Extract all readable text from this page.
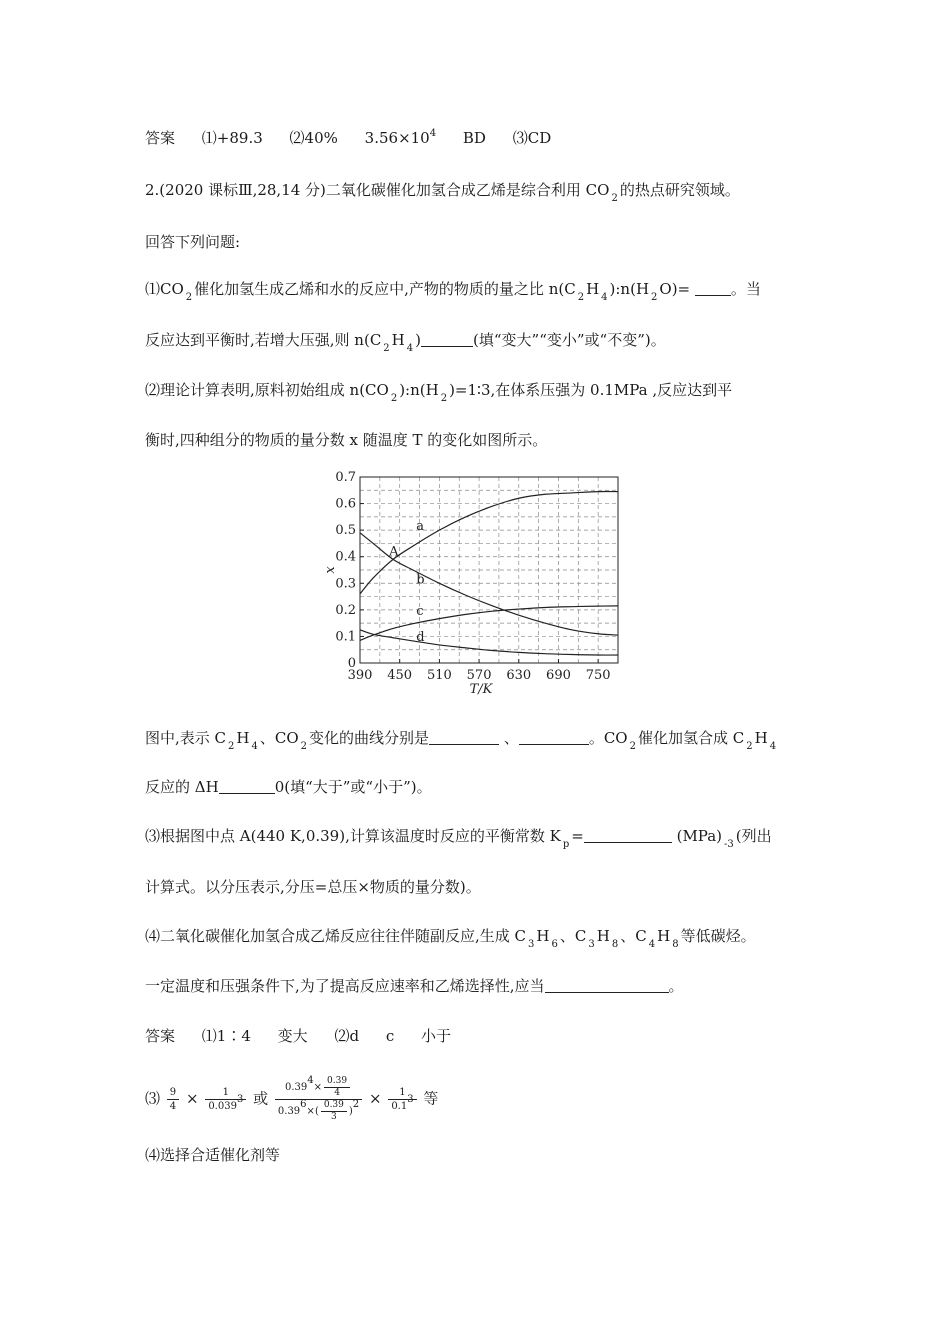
答案 ⑴+89.3 ⑵40% $3.56\times 10^4$ BD ⑶CD
2.(2020 课标Ⅲ,28,14 分)二氧化碳催化加氢合成乙烯是综合利用 CO $_2$ 的热点研究领域。
回答下列问题:
⑴CO $_2$ 催化加氢生成乙烯和水的反应中,产物的物质的量之比 n(C $_2$ H $_4$ ):n(H $_2$ O)=	。当
反应达到平衡时,若增大压强,则 n(C $_2$ H $_4$ )	(填“变大”“变小”或“不变”)。
⑵理论计算表明,原料初始组成 n(CO $_2$ ):n(H $_2$ )=1∶3,在体系压强为 0.1MPa ,反应达到平
衡时,四种组分的物质的量分数 x 随温度 T 的变化如图所示。
0
0.1
0.2
0.3
0.4
0.5
0.6
0.7
390 450 510 570 630 690 750
T/K
x
a
b
c
d
A
图中,表示 C $_2$ H $_4$ 、CO $_2$ 变化的曲线分别是	、	。CO $_2$ 催化加氢合成 C $_2$ H $_4$
反应的 ΔH	0(填“大于”或“小于”)。
⑶根据图中点 A(440 K,0.39),计算该温度时反应的平衡常数 K $_p$ =	(MPa) $_{-3}$ (列出
计算式。以分压表示,分压=总压×物质的量分数)。
⑷二氧化碳催化加氢合成乙烯反应往往伴随副反应,生成 C $_3$ H $_6$ 、C $_3$ H $_8$ 、C $_4$ H $_8$ 等低碳烃。
一定温度和压强条件下,为了提高反应速率和乙烯选择性,应当	。
答案 ⑴1∶4 变大 ⑵d c 小于
⑶ $\frac{9}{4} \times \frac{1}{0.0393}$ 或 $\frac{0.394\times \frac{0.39}{4}}{0.396\times( \frac{0.39}{3} )2} \times \frac{1}{0.13}$ 等
⑷选择合适催化剂等
